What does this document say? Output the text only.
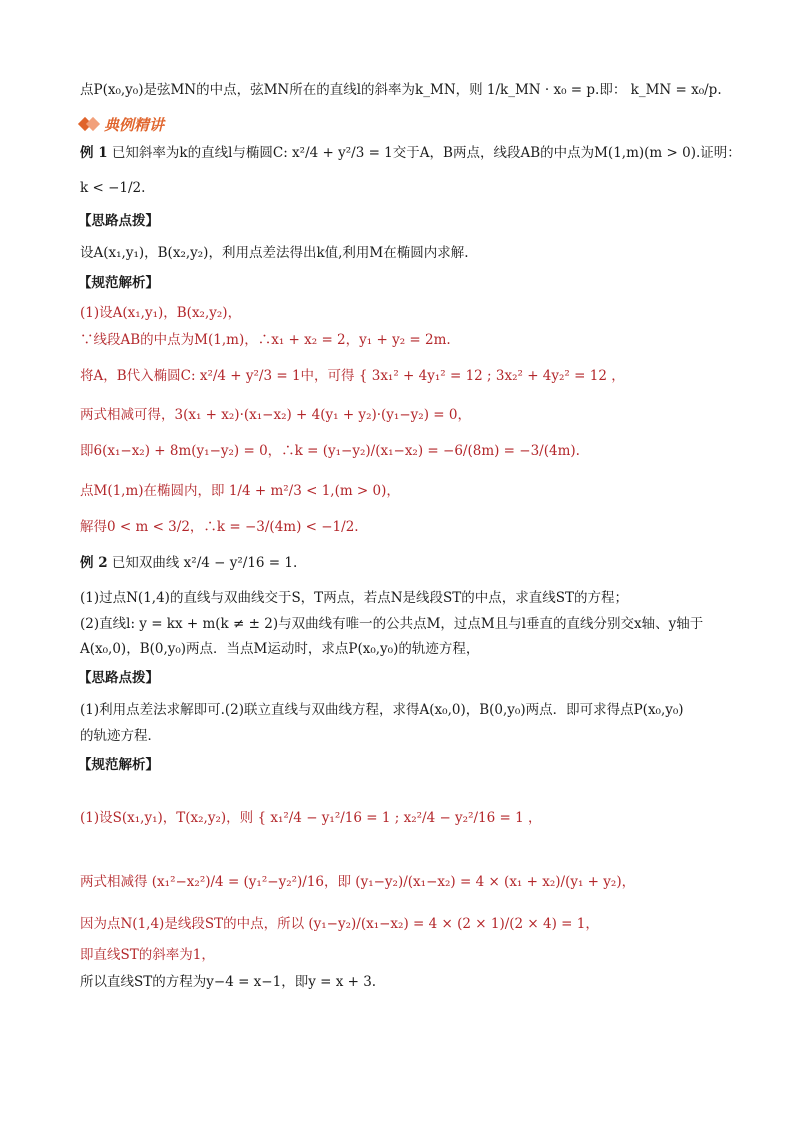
点P(x₀,y₀)是弦MN的中点，弦MN所在的直线l的斜率为k_MN，则 1/k_MN · x₀ = p.即： k_MN = x₀/p.
典例精讲
例 1 已知斜率为k的直线l与椭圆C: x²/4 + y²/3 = 1交于A，B两点，线段AB的中点为M(1,m)(m > 0).证明：
k < −1/2.
【思路点拨】
设A(x₁,y₁)，B(x₂,y₂)，利用点差法得出k值,利用M在椭圆内求解.
【规范解析】
(1)设A(x₁,y₁)，B(x₂,y₂)，
∵线段AB的中点为M(1,m)，∴x₁ + x₂ = 2，y₁ + y₂ = 2m.
将A，B代入椭圆C: x²/4 + y²/3 = 1中，可得 { 3x₁² + 4y₁² = 12 ; 3x₂² + 4y₂² = 12 ，
两式相减可得，3(x₁ + x₂)·(x₁−x₂) + 4(y₁ + y₂)·(y₁−y₂) = 0，
即6(x₁−x₂) + 8m(y₁−y₂) = 0，∴k = (y₁−y₂)/(x₁−x₂) = −6/(8m) = −3/(4m).
点M(1,m)在椭圆内，即 1/4 + m²/3 < 1,(m > 0)，
解得0 < m < 3/2，∴k = −3/(4m) < −1/2.
例 2 已知双曲线 x²/4 − y²/16 = 1.
(1)过点N(1,4)的直线与双曲线交于S，T两点，若点N是线段ST的中点，求直线ST的方程；
(2)直线l: y = kx + m(k ≠ ± 2)与双曲线有唯一的公共点M，过点M且与l垂直的直线分别交x轴、y轴于
A(x₀,0)，B(0,y₀)两点．当点M运动时，求点P(x₀,y₀)的轨迹方程，
【思路点拨】
(1)利用点差法求解即可.(2)联立直线与双曲线方程，求得A(x₀,0)，B(0,y₀)两点．即可求得点P(x₀,y₀)
的轨迹方程．
【规范解析】
(1)设S(x₁,y₁)，T(x₂,y₂)，则 { x₁²/4 − y₁²/16 = 1 ; x₂²/4 − y₂²/16 = 1 ，
两式相减得 (x₁²−x₂²)/4 = (y₁²−y₂²)/16，即 (y₁−y₂)/(x₁−x₂) = 4 × (x₁ + x₂)/(y₁ + y₂)，
因为点N(1,4)是线段ST的中点，所以 (y₁−y₂)/(x₁−x₂) = 4 × (2 × 1)/(2 × 4) = 1，
即直线ST的斜率为1，
所以直线ST的方程为y−4 = x−1，即y = x + 3.
